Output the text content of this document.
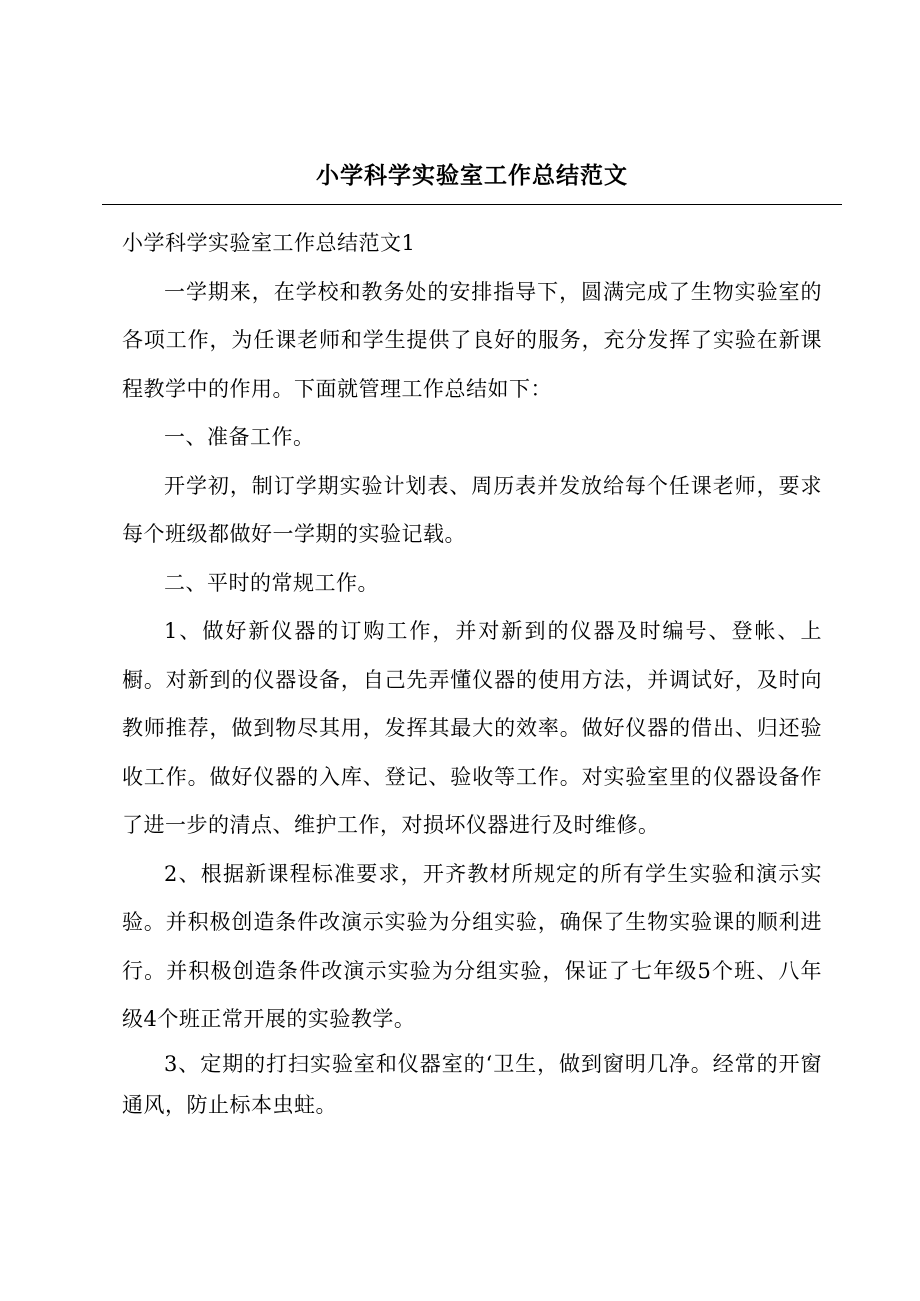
小学科学实验室工作总结范文

小学科学实验室工作总结范文1

一学期来，在学校和教务处的安排指导下，圆满完成了生物实验室的各项工作，为任课老师和学生提供了良好的服务，充分发挥了实验在新课程教学中的作用。下面就管理工作总结如下：

一、准备工作。

开学初，制订学期实验计划表、周历表并发放给每个任课老师，要求每个班级都做好一学期的实验记载。

二、平时的常规工作。

1、做好新仪器的订购工作，并对新到的仪器及时编号、登帐、上橱。对新到的仪器设备，自己先弄懂仪器的使用方法，并调试好，及时向教师推荐，做到物尽其用，发挥其最大的效率。做好仪器的借出、归还验收工作。做好仪器的入库、登记、验收等工作。对实验室里的仪器设备作了进一步的清点、维护工作，对损坏仪器进行及时维修。

2、根据新课程标准要求，开齐教材所规定的所有学生实验和演示实验。并积极创造条件改演示实验为分组实验，确保了生物实验课的顺利进行。并积极创造条件改演示实验为分组实验，保证了七年级5个班、八年级4个班正常开展的实验教学。

3、定期的打扫实验室和仪器室的‘卫生，做到窗明几净。经常的开窗通风，防止标本虫蛀。
